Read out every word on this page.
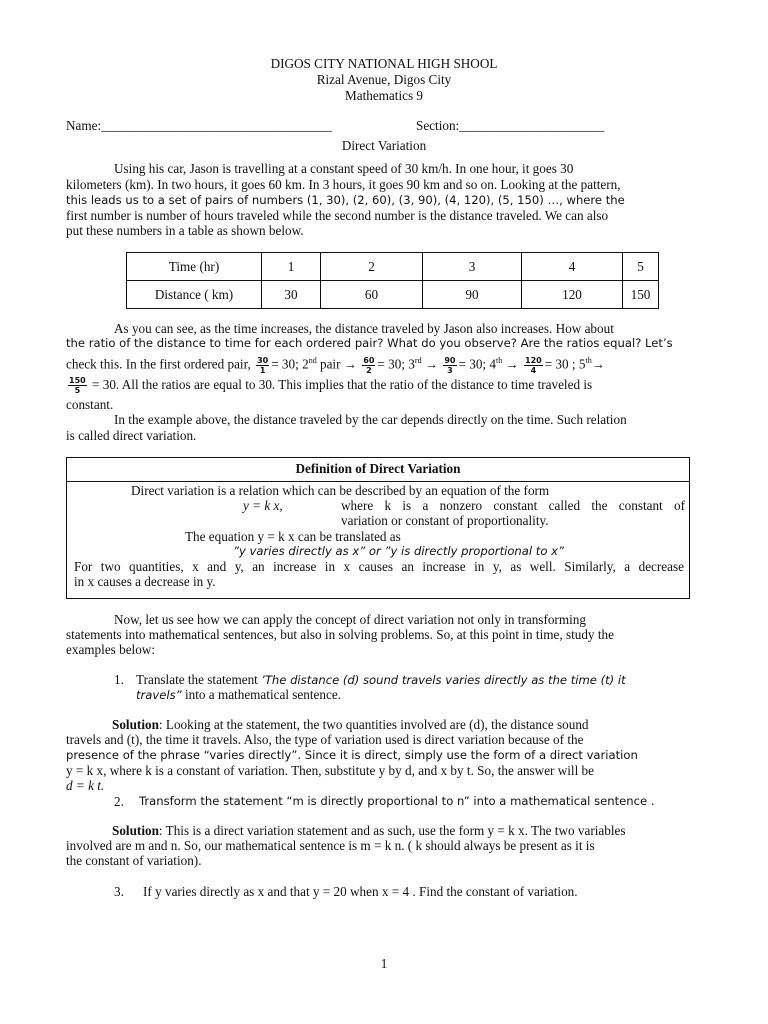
DIGOS CITY NATIONAL HIGH SHOOL
Rizal Avenue, Digos City
Mathematics 9
Name:___________________________________	Section:______________________
Direct Variation
Using his car, Jason is travelling at a constant speed of 30 km/h. In one hour, it goes 30
kilometers (km). In two hours, it goes 60 km. In 3 hours, it goes 90 km and so on. Looking at the pattern,
this leads us to a set of pairs of numbers (1, 30), (2, 60), (3, 90), (4, 120), (5, 150) …, where the
first number is number of hours traveled while the second number is the distance traveled. We can also
put these numbers in a table as shown below.
Time (hr)	1	2	3	4	5
Distance ( km)	30	60	90	120	150
As you can see, as the time increases, the distance traveled by Jason also increases. How about
the ratio of the distance to time for each ordered pair? What do you observe? Are the ratios equal? Let’s
check this. In the first ordered pair, $\frac{30}{1} = 30$; 2nd pair → $\frac{60}{2} = 30$; $3rd \to \frac{90}{3} = 30$; $4th \to \frac{120}{4} = 30$ ; 5th→
$\frac{150}{5} = 30$. All the ratios are equal to 30. This implies that the ratio of the distance to time traveled is
constant.
In the example above, the distance traveled by the car depends directly on the time. Such relation
is called direct variation.
Definition of Direct Variation
Direct variation is a relation which can be described by an equation of the form
y = k x,	where k is a nonzero constant called the constant of
variation or constant of proportionality.
The equation y = k x can be translated as
”y varies directly as x” or ”y is directly proportional to x”
For two quantities, x and y, an increase in x causes an increase in y, as well. Similarly, a decrease
in x causes a decrease in y.
Now, let us see how we can apply the concept of direct variation not only in transforming
statements into mathematical sentences, but also in solving problems. So, at this point in time, study the
examples below:
1. Translate the statement ’The distance (d) sound travels varies directly as the time (t) it
travels” into a mathematical sentence.
Solution: Looking at the statement, the two quantities involved are (d), the distance sound
travels and (t), the time it travels. Also, the type of variation used is direct variation because of the
presence of the phrase “varies directly”. Since it is direct, simply use the form of a direct variation
y = k x, where k is a constant of variation. Then, substitute y by d, and x by t. So, the answer will be
d = k t.
2. Transform the statement “m is directly proportional to n” into a mathematical sentence .
Solution: This is a direct variation statement and as such, use the form y = k x. The two variables
involved are m and n. So, our mathematical sentence is m = k n. ( k should always be present as it is
the constant of variation).
3. If y varies directly as x and that y = 20 when x = 4 . Find the constant of variation.
1
